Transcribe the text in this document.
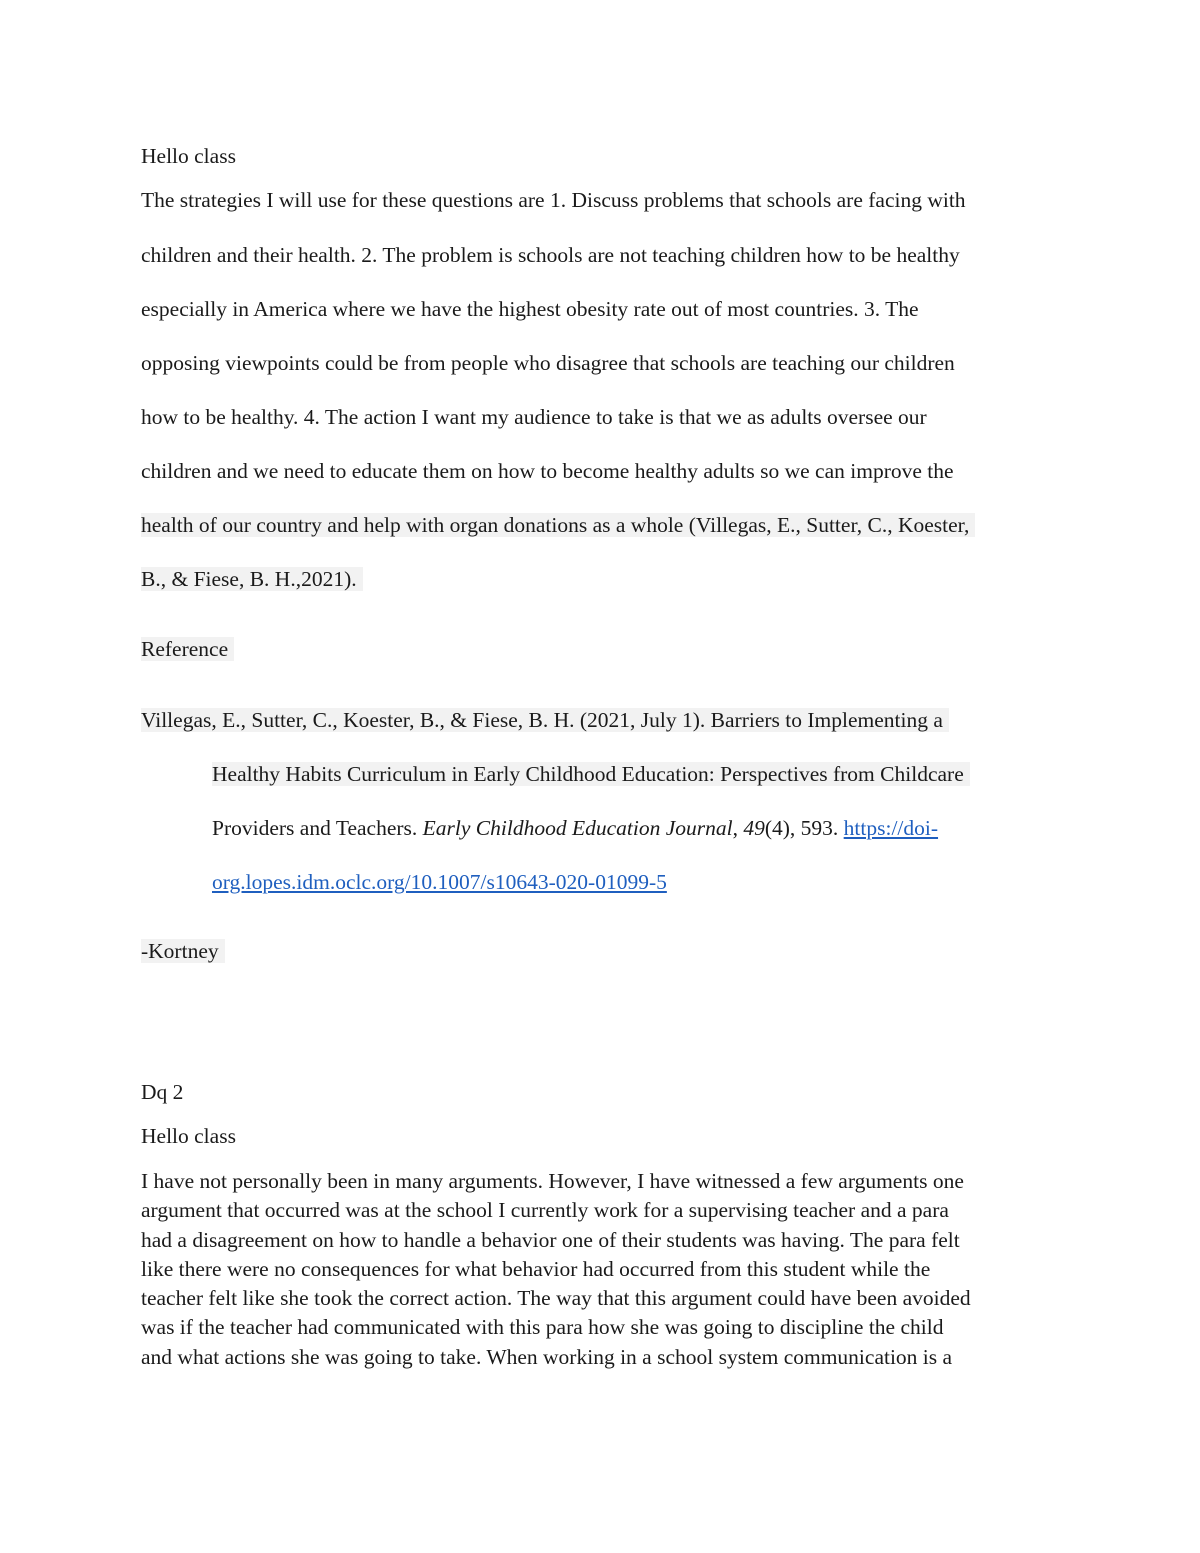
Hello class
The strategies I will use for these questions are 1. Discuss problems that schools are facing with
children and their health. 2. The problem is schools are not teaching children how to be healthy
especially in America where we have the highest obesity rate out of most countries. 3. The
opposing viewpoints could be from people who disagree that schools are teaching our children
how to be healthy. 4. The action I want my audience to take is that we as adults oversee our
children and we need to educate them on how to become healthy adults so we can improve the
health of our country and help with organ donations as a whole (Villegas, E., Sutter, C., Koester,
B., & Fiese, B. H.,2021).
Reference
Villegas, E., Sutter, C., Koester, B., & Fiese, B. H. (2021, July 1). Barriers to Implementing a
Healthy Habits Curriculum in Early Childhood Education: Perspectives from Childcare
Providers and Teachers. Early Childhood Education Journal, 49(4), 593. https://doi-
org.lopes.idm.oclc.org/10.1007/s10643-020-01099-5
-Kortney
Dq 2
Hello class
I have not personally been in many arguments. However, I have witnessed a few arguments one
argument that occurred was at the school I currently work for a supervising teacher and a para
had a disagreement on how to handle a behavior one of their students was having. The para felt
like there were no consequences for what behavior had occurred from this student while the
teacher felt like she took the correct action. The way that this argument could have been avoided
was if the teacher had communicated with this para how she was going to discipline the child
and what actions she was going to take. When working in a school system communication is a
